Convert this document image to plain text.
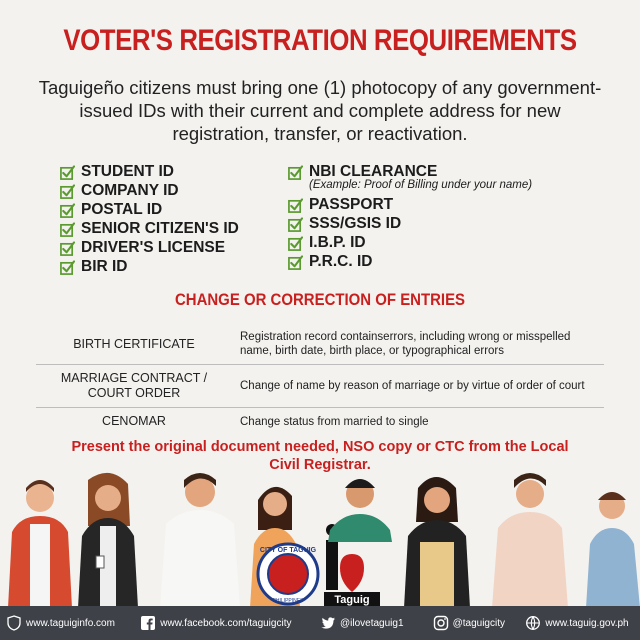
VOTER'S REGISTRATION REQUIREMENTS
Taguigeño citizens must bring one (1) photocopy of any government-issued IDs with their current and complete address for new registration, transfer, or reactivation.
STUDENT ID
COMPANY ID
POSTAL ID
SENIOR CITIZEN'S ID
DRIVER'S LICENSE
BIR ID
NBI CLEARANCE
(Example: Proof of Billing under your name)
PASSPORT
SSS/GSIS ID
I.B.P. ID
P.R.C. ID
CHANGE OR CORRECTION OF ENTRIES
BIRTH CERTIFICATE	Registration record containserrors, including wrong or misspelled name, birth date, birth place, or typographical errors
MARRIAGE CONTRACT / COURT ORDER	Change of name by reason of marriage or by virtue of order of court
CENOMAR	Change status from married to single
Present the original document needed, NSO copy or CTC from the Local Civil Registrar.
CITY OF TAGUIG
PHILIPPINES	Taguig
www.taguiginfo.com	www.facebook.com/taguigcity	@ilovetaguig1	@taguigcity	www.taguig.gov.ph
